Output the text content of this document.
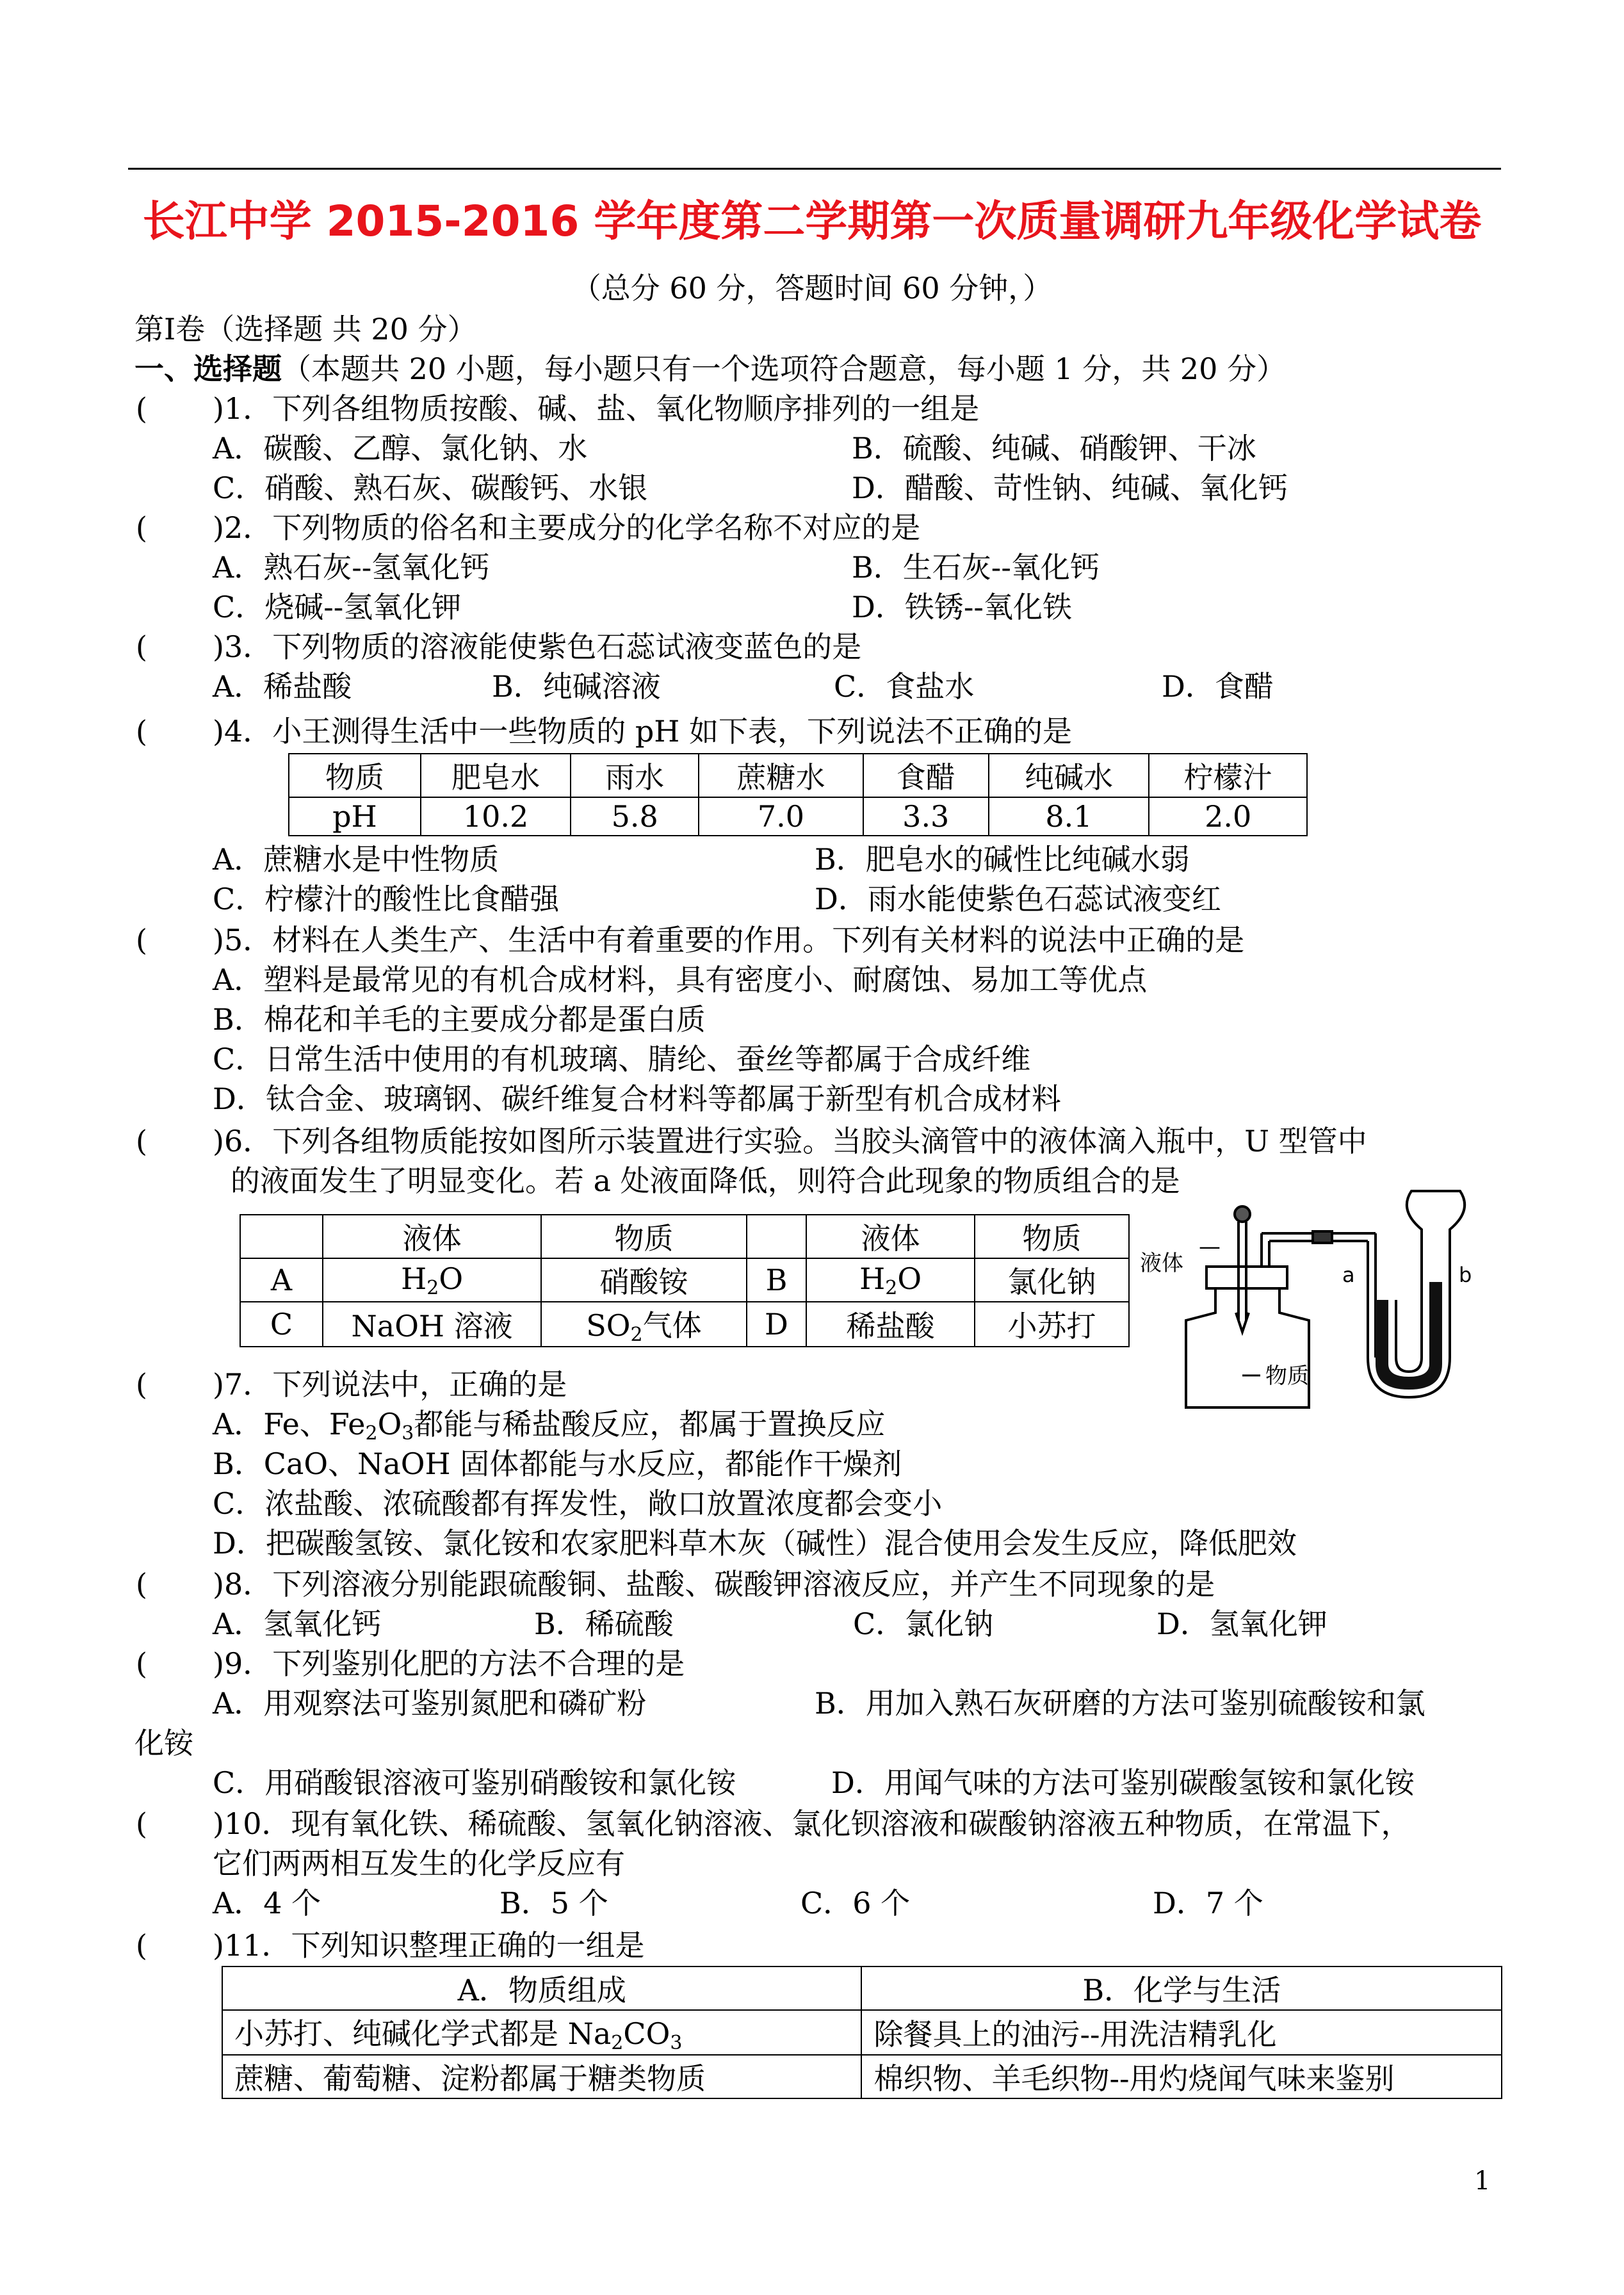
长江中学 2015-2016 学年度第二学期第一次质量调研九年级化学试卷
（总分 60 分，答题时间 60 分钟，）
第Ⅰ卷（选择题 共 20 分）
一、选择题（本题共 20 小题，每小题只有一个选项符合题意，每小题 1 分，共 20 分）
( )1．下列各组物质按酸、碱、盐、氧化物顺序排列的一组是
A．碳酸、乙醇、氯化钠、水	B．硫酸、纯碱、硝酸钾、干冰
C．硝酸、熟石灰、碳酸钙、水银	D．醋酸、苛性钠、纯碱、氧化钙
( )2．下列物质的俗名和主要成分的化学名称不对应的是
A．熟石灰--氢氧化钙	B．生石灰--氧化钙
C．烧碱--氢氧化钾	D．铁锈--氧化铁
( )3．下列物质的溶液能使紫色石蕊试液变蓝色的是
A．稀盐酸	B．纯碱溶液	C．食盐水	D．食醋
( )4．小王测得生活中一些物质的 pH 如下表，下列说法不正确的是
物质	肥皂水	雨水	蔗糖水	食醋	纯碱水	柠檬汁
pH	10.2	5.8	7.0	3.3	8.1	2.0
A．蔗糖水是中性物质	B．肥皂水的碱性比纯碱水弱
C．柠檬汁的酸性比食醋强	D．雨水能使紫色石蕊试液变红
( )5．材料在人类生产、生活中有着重要的作用。下列有关材料的说法中正确的是
A．塑料是最常见的有机合成材料，具有密度小、耐腐蚀、易加工等优点
B．棉花和羊毛的主要成分都是蛋白质
C．日常生活中使用的有机玻璃、腈纶、蚕丝等都属于合成纤维
D．钛合金、玻璃钢、碳纤维复合材料等都属于新型有机合成材料
( )6．下列各组物质能按如图所示装置进行实验。当胶头滴管中的液体滴入瓶中，U 型管中
的液面发生了明显变化。若 a 处液面降低，则符合此现象的物质组合的是
	液体	物质		液体	物质
A	$H_2O$	硝酸铵	B	$H_2O$	氯化钠
C	NaOH 溶液	$SO_2$气体	D	稀盐酸	小苏打
液体
—
a	b
物质
( )7．下列说法中，正确的是
A．Fe、$Fe_2O_3$都能与稀盐酸反应，都属于置换反应
B．CaO、NaOH 固体都能与水反应，都能作干燥剂
C．浓盐酸、浓硫酸都有挥发性，敞口放置浓度都会变小
D．把碳酸氢铵、氯化铵和农家肥料草木灰（碱性）混合使用会发生反应，降低肥效
( )8．下列溶液分别能跟硫酸铜、盐酸、碳酸钾溶液反应，并产生不同现象的是
A．氢氧化钙	B．稀硫酸	C．氯化钠	D．氢氧化钾
( )9．下列鉴别化肥的方法不合理的是
A．用观察法可鉴别氮肥和磷矿粉	B．用加入熟石灰研磨的方法可鉴别硫酸铵和氯
化铵
C．用硝酸银溶液可鉴别硝酸铵和氯化铵	D．用闻气味的方法可鉴别碳酸氢铵和氯化铵
( )10．现有氧化铁、稀硫酸、氢氧化钠溶液、氯化钡溶液和碳酸钠溶液五种物质，在常温下，
它们两两相互发生的化学反应有
A．4 个	B．5 个	C．6 个	D．7 个
( )11．下列知识整理正确的一组是
A．物质组成	B．化学与生活
小苏打、纯碱化学式都是 $Na_2CO_3$	除餐具上的油污--用洗洁精乳化
蔗糖、葡萄糖、淀粉都属于糖类物质	棉织物、羊毛织物--用灼烧闻气味来鉴别
1
